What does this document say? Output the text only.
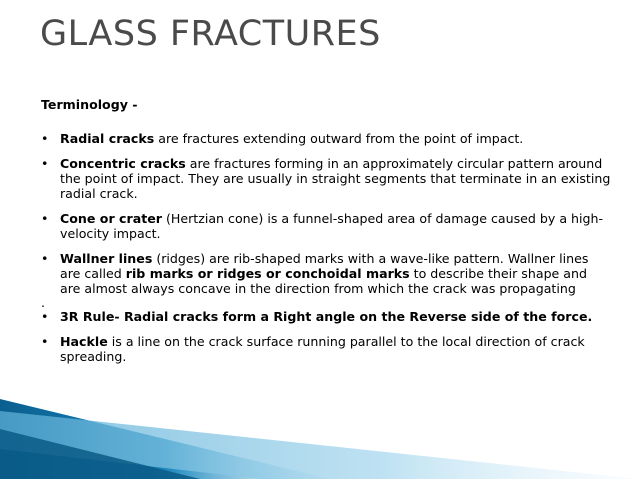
GLASS FRACTURES

Terminology -

• Radial cracks are fractures extending outward from the point of impact.

• Concentric cracks are fractures forming in an approximately circular pattern around the point of impact. They are usually in straight segments that terminate in an existing radial crack.

• Cone or crater (Hertzian cone) is a funnel-shaped area of damage caused by a high-velocity impact.

• Wallner lines (ridges) are rib-shaped marks with a wave-like pattern. Wallner lines are called rib marks or ridges or conchoidal marks to describe their shape and are almost always concave in the direction from which the crack was propagating

.

• 3R Rule- Radial cracks form a Right angle on the Reverse side of the force.

• Hackle is a line on the crack surface running parallel to the local direction of crack spreading.
